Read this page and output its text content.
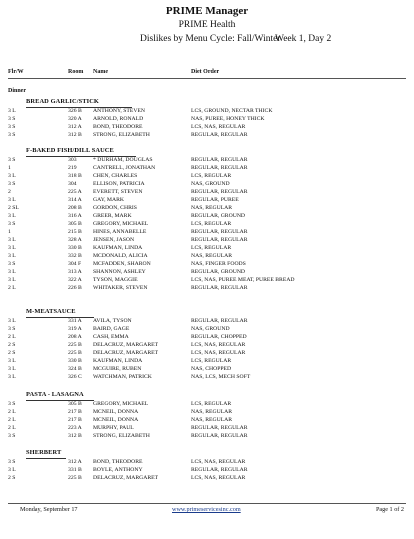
PRIME Manager
PRIME Health
Dislikes by Menu Cycle: Fall/Winter
Week 1, Day 2
Flr/W	Room Name	Diet Order
Dinner
BREAD GARLIC/STICK
3 L	326 B ANTHONY, STEVEN	LCS, GROUND, NECTAR THICK
3 S	320 A ARNOLD, RONALD	NAS, PUREE, HONEY THICK
3 S	312 A BOND, THEODORE	LCS, NAS, REGULAR
3 S	312 B STRONG, ELIZABETH	REGULAR, REGULAR
F-BAKED FISH/DILL SAUCE
3 S	303	* DURHAM, DOUGLAS	REGULAR, REGULAR
1	219	CANTRELL, JONATHAN	REGULAR, REGULAR
3 L	318 B CHEN, CHARLES	LCS, REGULAR
3 S	304	ELLISON, PATRICIA	NAS, GROUND
2	225 A EVERETT, STEVEN	REGULAR, REGULAR
3 L	314 A GAY, MARK	REGULAR, PUREE
2 SL	208 B GORDON, CHRIS	NAS, REGULAR
3 L	316 A GREER, MARK	REGULAR, GROUND
3 S	305 B GREGORY, MICHAEL	LCS, REGULAR
1	215 B HINES, ANNABELLE	REGULAR, REGULAR
3 L	328 A JENSEN, JASON	REGULAR, REGULAR
3 L	330 B KAUFMAN, LINDA	LCS, REGULAR
3 L	332 B MCDONALD, ALICIA	NAS, REGULAR
3 S	304 F MCFADDEN, SHARON	NAS, FINGER FOODS
3 L	313 A SHANNON, ASHLEY	REGULAR, GROUND
3 L	322 A TYSON, MAGGIE	LCS, NAS, PUREE MEAT, PUREE BREAD
2 L	226 B WHITAKER, STEVEN	REGULAR, REGULAR
M-MEATSAUCE
3 L	331 A AVILA, TYSON	REGULAR, REGULAR
3 S	319 A BAIRD, GAGE	NAS, GROUND
2 L	208 A CASH, EMMA	REGULAR, CHOPPED
2 S	225 B DELACRUZ, MARGARET	LCS, NAS, REGULAR
2 S	225 B DELACRUZ, MARGARET	LCS, NAS, REGULAR
3 L	330 B KAUFMAN, LINDA	LCS, REGULAR
3 L	324 B MCGUIRE, RUBEN	NAS, CHOPPED
3 L	326 C WATCHMAN, PATRICK	NAS, LCS, MECH SOFT
PASTA - LASAGNA
3 S	305 B GREGORY, MICHAEL	LCS, REGULAR
2 L	217 B MCNEIL, DONNA	NAS, REGULAR
2 L	217 B MCNEIL, DONNA	NAS, REGULAR
2 L	223 A MURPHY, PAUL	REGULAR, REGULAR
3 S	312 B STRONG, ELIZABETH	REGULAR, REGULAR
SHERBERT
3 S	312 A BOND, THEODORE	LCS, NAS, REGULAR
3 L	331 B BOYLE, ANTHONY	REGULAR, REGULAR
2 S	225 B DELACRUZ, MARGARET	LCS, NAS, REGULAR
Monday, September 17	www.primeservicesinc.com	Page 1 of 2
